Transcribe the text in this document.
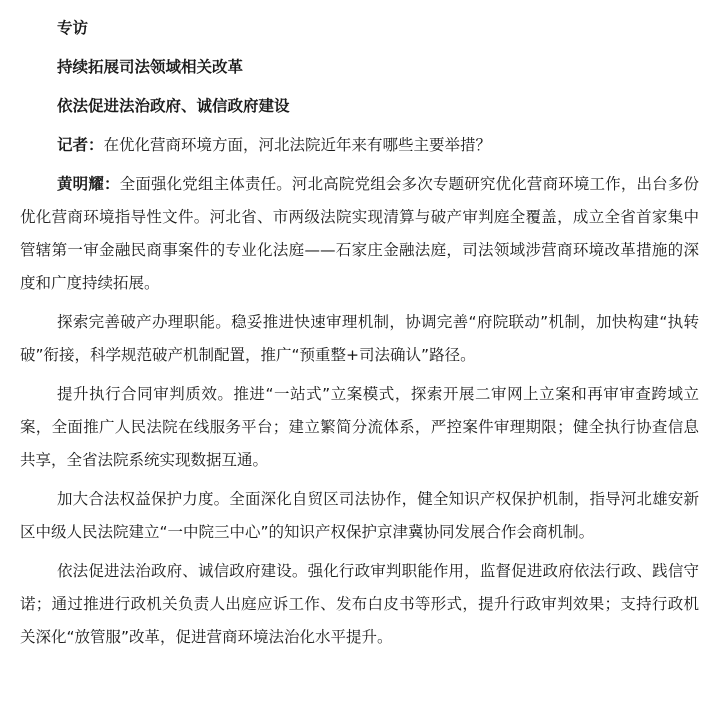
专访

持续拓展司法领域相关改革

依法促进法治政府、诚信政府建设

记者：在优化营商环境方面，河北法院近年来有哪些主要举措？

黄明耀：全面强化党组主体责任。河北高院党组会多次专题研究优化营商环境工作，出台多份优化营商环境指导性文件。河北省、市两级法院实现清算与破产审判庭全覆盖，成立全省首家集中管辖第一审金融民商事案件的专业化法庭——石家庄金融法庭，司法领域涉营商环境改革措施的深度和广度持续拓展。

探索完善破产办理职能。稳妥推进快速审理机制，协调完善“府院联动”机制，加快构建“执转破”衔接，科学规范破产机制配置，推广“预重整+司法确认”路径。

提升执行合同审判质效。推进“一站式”立案模式，探索开展二审网上立案和再审审查跨域立案，全面推广人民法院在线服务平台；建立繁简分流体系，严控案件审理期限；健全执行协查信息共享，全省法院系统实现数据互通。

加大合法权益保护力度。全面深化自贸区司法协作，健全知识产权保护机制，指导河北雄安新区中级人民法院建立“一中院三中心”的知识产权保护京津冀协同发展合作会商机制。

依法促进法治政府、诚信政府建设。强化行政审判职能作用，监督促进政府依法行政、践信守诺；通过推进行政机关负责人出庭应诉工作、发布白皮书等形式，提升行政审判效果；支持行政机关深化“放管服”改革，促进营商环境法治化水平提升。
